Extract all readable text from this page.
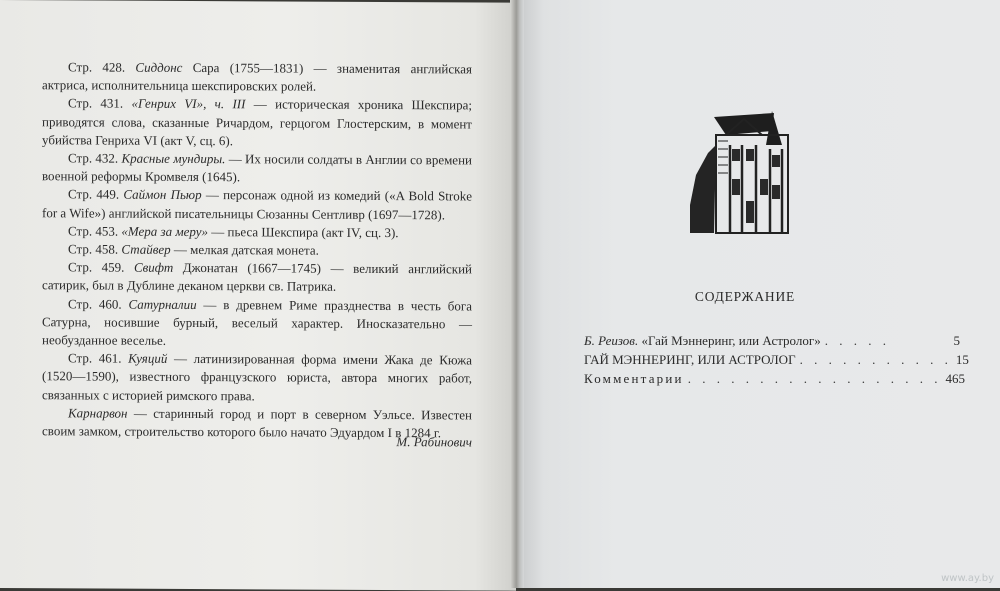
Стр. 428. Сиддонс Сара (1755—1831) — знаменитая английская актриса, исполнительница шекспировских ролей.

Стр. 431. «Генрих VI», ч. III — историческая хроника Шекспира; приводятся слова, сказанные Ричардом, герцогом Глостерским, в момент убийства Генриха VI (акт V, сц. 6).

Стр. 432. Красные мундиры. — Их носили солдаты в Англии со времени военной реформы Кромвеля (1645).

Стр. 449. Саймон Пьюр — персонаж одной из комедий («A Bold Stroke for a Wife») английской писательницы Сюзанны Сентливр (1697—1728).

Стр. 453. «Мера за меру» — пьеса Шекспира (акт IV, сц. 3).

Стр. 458. Стайвер — мелкая датская монета.

Стр. 459. Свифт Джонатан (1667—1745) — великий английский сатирик, был в Дублине деканом церкви св. Патрика.

Стр. 460. Сатурналии — в древнем Риме празднества в честь бога Сатурна, носившие бурный, веселый характер. Иносказательно — необузданное веселье.

Стр. 461. Куяций — латинизированная форма имени Жака де Кюжа (1520—1590), известного французского юриста, автора многих работ, связанных с историей римского права.

Карнарвон — старинный город и порт в северном Уэльсе. Известен своим замком, строительство которого было начато Эдуардом I в 1284 г.

М. Рабинович
СОДЕРЖАНИЕ
Б. Реизов. «Гай Мэннеринг, или Астролог» . . . . .	5
ГАЙ МЭННЕРИНГ, ИЛИ АСТРОЛОГ . . . . . . . . . . . 15
Комментарии . . . . . . . . . . . . . . . . . . 465
www.ay.by
